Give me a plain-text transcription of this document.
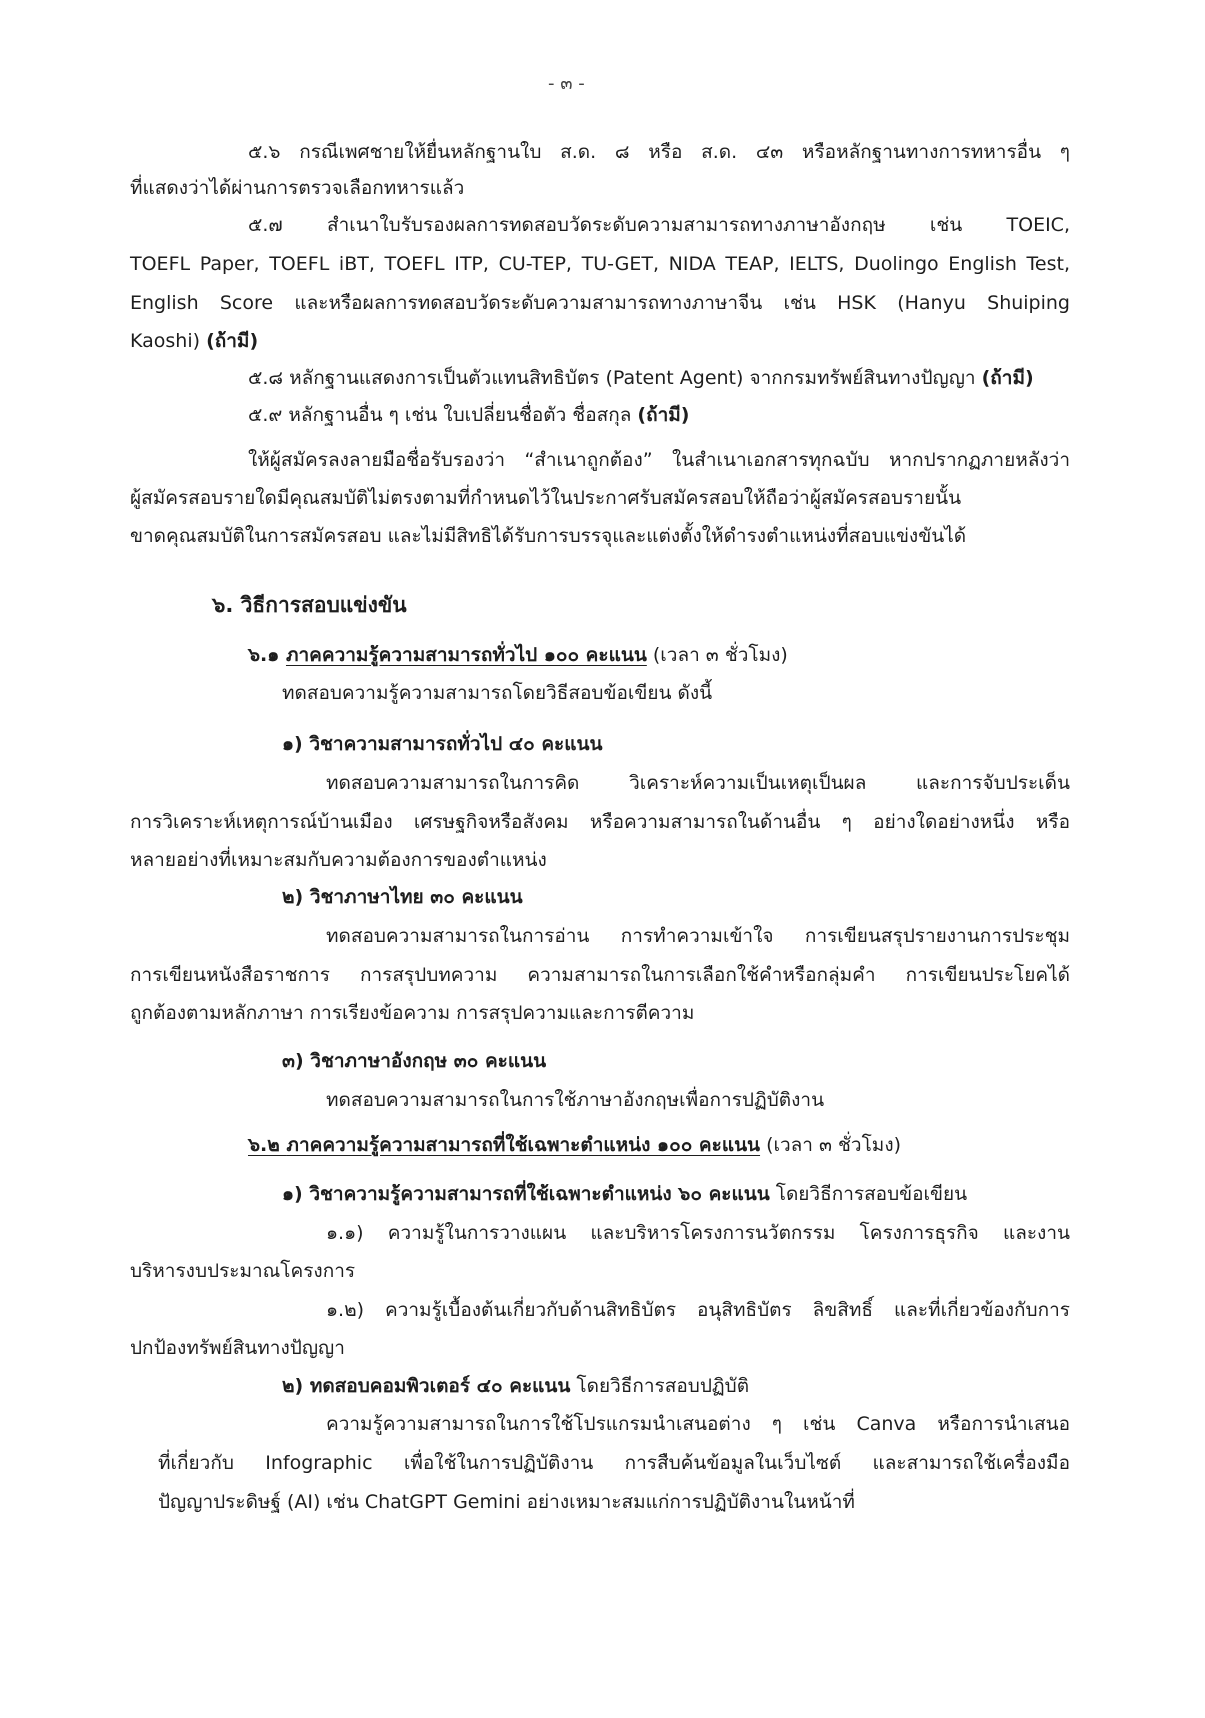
- ๓ -
๕.๖ กรณีเพศชายให้ยื่นหลักฐานใบ ส.ด. ๘ หรือ ส.ด. ๔๓ หรือหลักฐานทางการทหารอื่น ๆ
ที่แสดงว่าได้ผ่านการตรวจเลือกทหารแล้ว
๕.๗ สำเนาใบรับรองผลการทดสอบวัดระดับความสามารถทางภาษาอังกฤษ เช่น TOEIC,
TOEFL Paper, TOEFL iBT, TOEFL ITP, CU-TEP, TU-GET, NIDA TEAP, IELTS, Duolingo English Test,
English Score และหรือผลการทดสอบวัดระดับความสามารถทางภาษาจีน เช่น HSK (Hanyu Shuiping
Kaoshi) (ถ้ามี)
๕.๘ หลักฐานแสดงการเป็นตัวแทนสิทธิบัตร (Patent Agent) จากกรมทรัพย์สินทางปัญญา (ถ้ามี)
๕.๙ หลักฐานอื่น ๆ เช่น ใบเปลี่ยนชื่อตัว ชื่อสกุล (ถ้ามี)
ให้ผู้สมัครลงลายมือชื่อรับรองว่า “สำเนาถูกต้อง” ในสำเนาเอกสารทุกฉบับ หากปรากฏภายหลังว่า
ผู้สมัครสอบรายใดมีคุณสมบัติไม่ตรงตามที่กำหนดไว้ในประกาศรับสมัครสอบให้ถือว่าผู้สมัครสอบรายนั้น
ขาดคุณสมบัติในการสมัครสอบ และไม่มีสิทธิได้รับการบรรจุและแต่งตั้งให้ดำรงตำแหน่งที่สอบแข่งขันได้
๖. วิธีการสอบแข่งขัน
๖.๑ ภาคความรู้ความสามารถทั่วไป ๑๐๐ คะแนน (เวลา ๓ ชั่วโมง)
ทดสอบความรู้ความสามารถโดยวิธีสอบข้อเขียน ดังนี้
๑) วิชาความสามารถทั่วไป ๔๐ คะแนน
ทดสอบความสามารถในการคิด วิเคราะห์ความเป็นเหตุเป็นผล และการจับประเด็น
การวิเคราะห์เหตุการณ์บ้านเมือง เศรษฐกิจหรือสังคม หรือความสามารถในด้านอื่น ๆ อย่างใดอย่างหนึ่ง หรือ
หลายอย่างที่เหมาะสมกับความต้องการของตำแหน่ง
๒) วิชาภาษาไทย ๓๐ คะแนน
ทดสอบความสามารถในการอ่าน การทำความเข้าใจ การเขียนสรุปรายงานการประชุม
การเขียนหนังสือราชการ การสรุปบทความ ความสามารถในการเลือกใช้คำหรือกลุ่มคำ การเขียนประโยคได้
ถูกต้องตามหลักภาษา การเรียงข้อความ การสรุปความและการตีความ
๓) วิชาภาษาอังกฤษ ๓๐ คะแนน
ทดสอบความสามารถในการใช้ภาษาอังกฤษเพื่อการปฏิบัติงาน
๖.๒ ภาคความรู้ความสามารถที่ใช้เฉพาะตำแหน่ง ๑๐๐ คะแนน (เวลา ๓ ชั่วโมง)
๑) วิชาความรู้ความสามารถที่ใช้เฉพาะตำแหน่ง ๖๐ คะแนน โดยวิธีการสอบข้อเขียน
๑.๑) ความรู้ในการวางแผน และบริหารโครงการนวัตกรรม โครงการธุรกิจ และงาน
บริหารงบประมาณโครงการ
๑.๒) ความรู้เบื้องต้นเกี่ยวกับด้านสิทธิบัตร อนุสิทธิบัตร ลิขสิทธิ์ และที่เกี่ยวข้องกับการ
ปกป้องทรัพย์สินทางปัญญา
๒) ทดสอบคอมพิวเตอร์ ๔๐ คะแนน โดยวิธีการสอบปฏิบัติ
ความรู้ความสามารถในการใช้โปรแกรมนำเสนอต่าง ๆ เช่น Canva หรือการนำเสนอ
ที่เกี่ยวกับ Infographic เพื่อใช้ในการปฏิบัติงาน การสืบค้นข้อมูลในเว็บไซต์ และสามารถใช้เครื่องมือ
ปัญญาประดิษฐ์ (AI) เช่น ChatGPT Gemini อย่างเหมาะสมแก่การปฏิบัติงานในหน้าที่
